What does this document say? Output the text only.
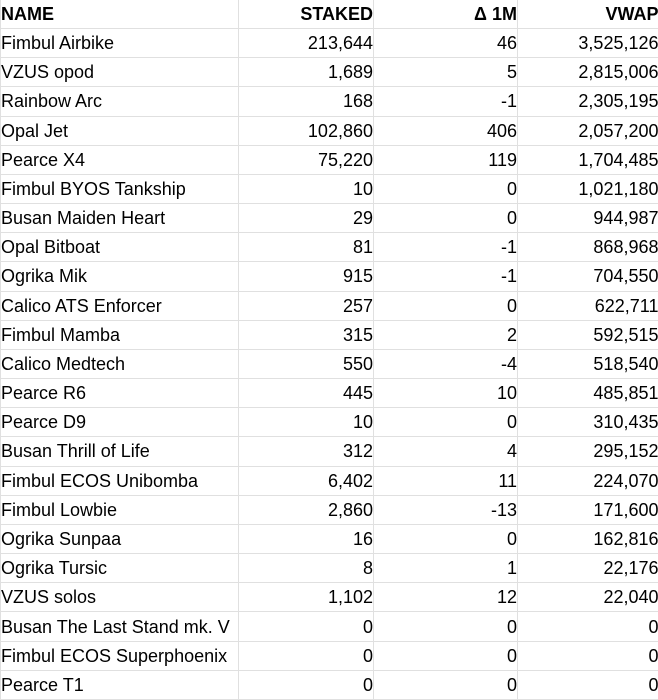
NAME	STAKED	Δ 1M	VWAP
Fimbul Airbike	213,644	46	3,525,126
VZUS opod	1,689	5	2,815,006
Rainbow Arc	168	-1	2,305,195
Opal Jet	102,860	406	2,057,200
Pearce X4	75,220	119	1,704,485
Fimbul BYOS Tankship	10	0	1,021,180
Busan Maiden Heart	29	0	944,987
Opal Bitboat	81	-1	868,968
Ogrika Mik	915	-1	704,550
Calico ATS Enforcer	257	0	622,711
Fimbul Mamba	315	2	592,515
Calico Medtech	550	-4	518,540
Pearce R6	445	10	485,851
Pearce D9	10	0	310,435
Busan Thrill of Life	312	4	295,152
Fimbul ECOS Unibomba	6,402	11	224,070
Fimbul Lowbie	2,860	-13	171,600
Ogrika Sunpaa	16	0	162,816
Ogrika Tursic	8	1	22,176
VZUS solos	1,102	12	22,040
Busan The Last Stand mk. V	0	0	0
Fimbul ECOS Superphoenix	0	0	0
Pearce T1	0	0	0
